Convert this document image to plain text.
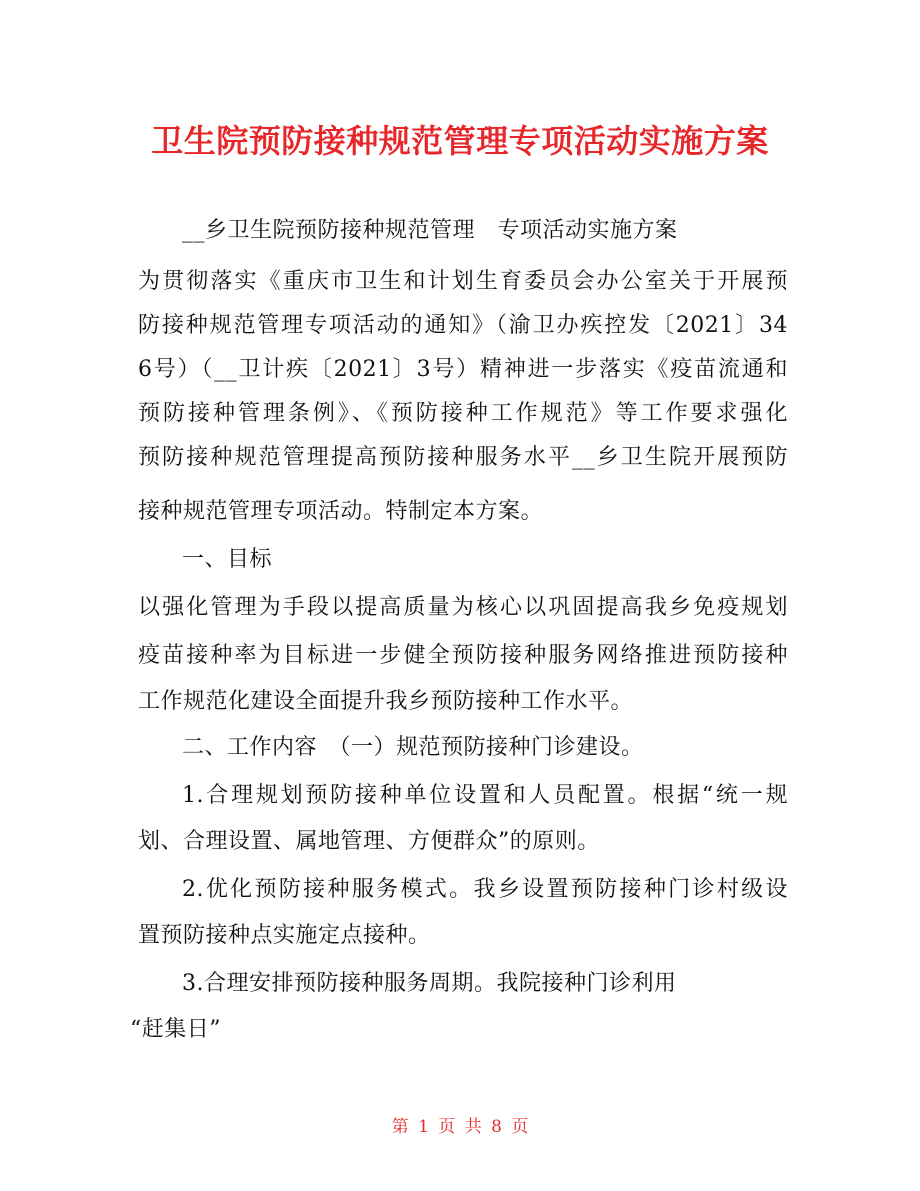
卫生院预防接种规范管理专项活动实施方案
__乡卫生院预防接种规范管理　专项活动实施方案
为贯彻落实《重庆市卫生和计划生育委员会办公室关于开展预
防接种规范管理专项活动的通知》（渝卫办疾控发〔2021〕34
6号）（__卫计疾〔2021〕3号）精神进一步落实《疫苗流通和
预防接种管理条例》、《预防接种工作规范》等工作要求强化
预防接种规范管理提高预防接种服务水平__乡卫生院开展预防
接种规范管理专项活动。特制定本方案。
一、目标
以强化管理为手段以提高质量为核心以巩固提高我乡免疫规划
疫苗接种率为目标进一步健全预防接种服务网络推进预防接种
工作规范化建设全面提升我乡预防接种工作水平。
二、工作内容　（一）规范预防接种门诊建设。
1.合理规划预防接种单位设置和人员配置。根据“统一规
划、合理设置、属地管理、方便群众”的原则。
2.优化预防接种服务模式。我乡设置预防接种门诊村级设
置预防接种点实施定点接种。
3.合理安排预防接种服务周期。我院接种门诊利用
“赶集日”
第 1 页 共 8 页
